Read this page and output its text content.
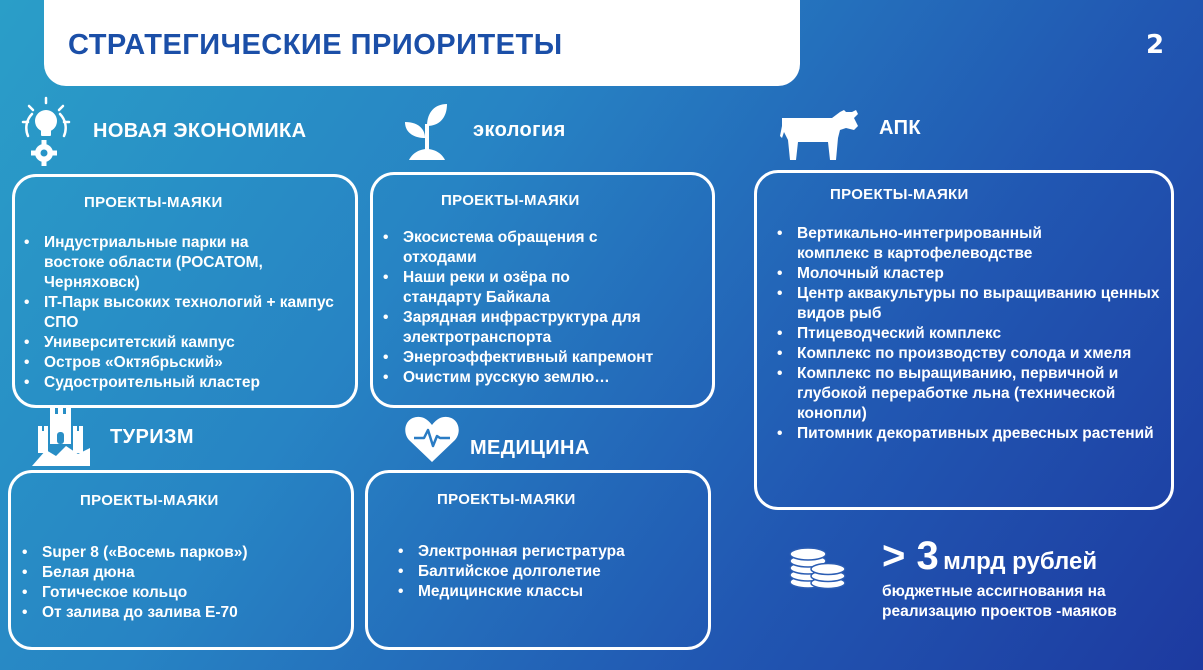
СТРАТЕГИЧЕСКИЕ ПРИОРИТЕТЫ	2
НОВАЯ ЭКОНОМИКА
ПРОЕКТЫ-МАЯКИ
• Индустриальные парки на востоке области (РОСАТОМ, Черняховск)
• IT-Парк высоких технологий + кампус СПО
• Университетский кампус
• Остров «Октябрьский»
• Судостроительный кластер
экология
ПРОЕКТЫ-МАЯКИ
• Экосистема обращения с отходами
• Наши реки и озёра по стандарту Байкала
• Зарядная инфраструктура для электротранспорта
• Энергоэффективный капремонт
• Очистим русскую землю…
АПК
ПРОЕКТЫ-МАЯКИ
• Вертикально-интегрированный комплекс в картофелеводстве
• Молочный кластер
• Центр аквакультуры по выращиванию ценных видов рыб
• Птицеводческий комплекс
• Комплекс по производству солода и хмеля
• Комплекс по выращиванию, первичной и глубокой переработке льна (технической конопли)
• Питомник декоративных древесных растений
ТУРИЗМ
ПРОЕКТЫ-МАЯКИ
• Super 8 («Восемь парков»)
• Белая дюна
• Готическое кольцо
• От залива до залива Е-70
МЕДИЦИНА
ПРОЕКТЫ-МАЯКИ
• Электронная регистратура
• Балтийское долголетие
• Медицинские классы
> 3 млрд рублей
бюджетные ассигнования на реализацию проектов -маяков
